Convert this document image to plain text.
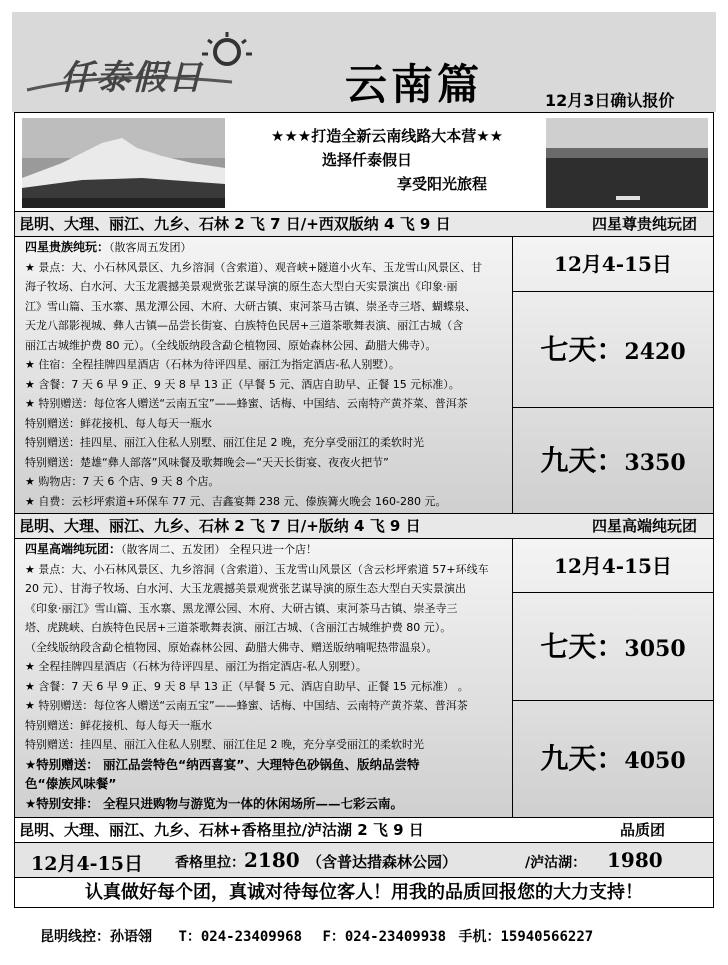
仟泰假日	云南篇	12月3日确认报价
★★★打造全新云南线路大本营★★
选择仟泰假日
享受阳光旅程
昆明、大理、丽江、九乡、石林 2 飞 7 日/+西双版纳 4 飞 9 日	四星尊贵纯玩团
四星贵族纯玩：（散客周五发团）
★ 景点：大、小石林风景区、九乡溶洞（含索道）、观音峡+隧道小火车、玉龙雪山风景区、甘
海子牧场、白水河、大玉龙震撼美景观赏张艺谋导演的原生态大型白天实景演出《印象·丽
江》雪山篇、玉水寨、黑龙潭公园、木府、大研古镇、束河茶马古镇、崇圣寺三塔、蝴蝶泉、
天龙八部影视城、彝人古镇—品尝长街宴、白族特色民居+三道茶歌舞表演、丽江古城（含
丽江古城维护费 80 元）。（全线版纳段含勐仑植物园、原始森林公园、勐腊大佛寺）。
★ 住宿：全程挂牌四星酒店（石林为待评四星、丽江为指定酒店-私人别墅）。
★ 含餐：7 天 6 早 9 正、9 天 8 早 13 正（早餐 5 元、酒店自助早、正餐 15 元标准）。
★ 特别赠送：每位客人赠送“云南五宝”——蜂蜜、话梅、中国结、云南特产黄芥菜、普洱茶
特别赠送：鲜花接机、每人每天一瓶水
特别赠送：挂四星、丽江入住私人别墅、丽江住足 2 晚，充分享受丽江的柔软时光
特别赠送：楚雄“彝人部落”风味餐及歌舞晚会—“天天长街宴、夜夜火把节”
★ 购物店：7 天 6 个店、9 天 8 个店。
★ 自费：云杉坪索道+环保车 77 元、吉鑫宴舞 238 元、傣族篝火晚会 160-280 元。
12月4-15日
七天：2420
九天：3350
昆明、大理、丽江、九乡、石林 2 飞 7 日/+版纳 4 飞 9 日	四星高端纯玩团
四星高端纯玩团：（散客周二、五发团） 全程只进一个店！
★ 景点：大、小石林风景区、九乡溶洞（含索道）、玉龙雪山风景区（含云杉坪索道 57+环线车
20 元）、甘海子牧场、白水河、大玉龙震撼美景观赏张艺谋导演的原生态大型白天实景演出
《印象·丽江》雪山篇、玉水寨、黑龙潭公园、木府、大研古镇、束河茶马古镇、崇圣寺三
塔、虎跳峡、白族特色民居+三道茶歌舞表演、丽江古城、（含丽江古城维护费 80 元）。
（全线版纳段含勐仑植物园、原始森林公园、勐腊大佛寺、赠送版纳喃呢热带温泉）。
★ 全程挂牌四星酒店（石林为待评四星、丽江为指定酒店-私人别墅）。
★ 含餐：7 天 6 早 9 正、9 天 8 早 13 正（早餐 5 元、酒店自助早、正餐 15 元标准） 。
★ 特别赠送：每位客人赠送“云南五宝”——蜂蜜、话梅、中国结、云南特产黄芥菜、普洱茶
特别赠送：鲜花接机、每人每天一瓶水
特别赠送：挂四星、丽江入住私人别墅、丽江住足 2 晚，充分享受丽江的柔软时光
★特别赠送： 丽江品尝特色“纳西喜宴”、大理特色砂锅鱼、版纳品尝特
色“傣族风味餐”
★特别安排： 全程只进购物与游览为一体的休闲场所——七彩云南。
12月4-15日
七天：3050
九天：4050
昆明、大理、丽江、九乡、石林+香格里拉/泸沽湖 2 飞 9 日	品质团
12月4-15日 香格里拉： 2180 （含普达措森林公园）	/泸沽湖： 1980
认真做好每个团，真诚对待每位客人！用我的品质回报您的大力支持！
昆明线控：孙语翎 T：024-23409968 F：024-23409938 手机：15940566227
